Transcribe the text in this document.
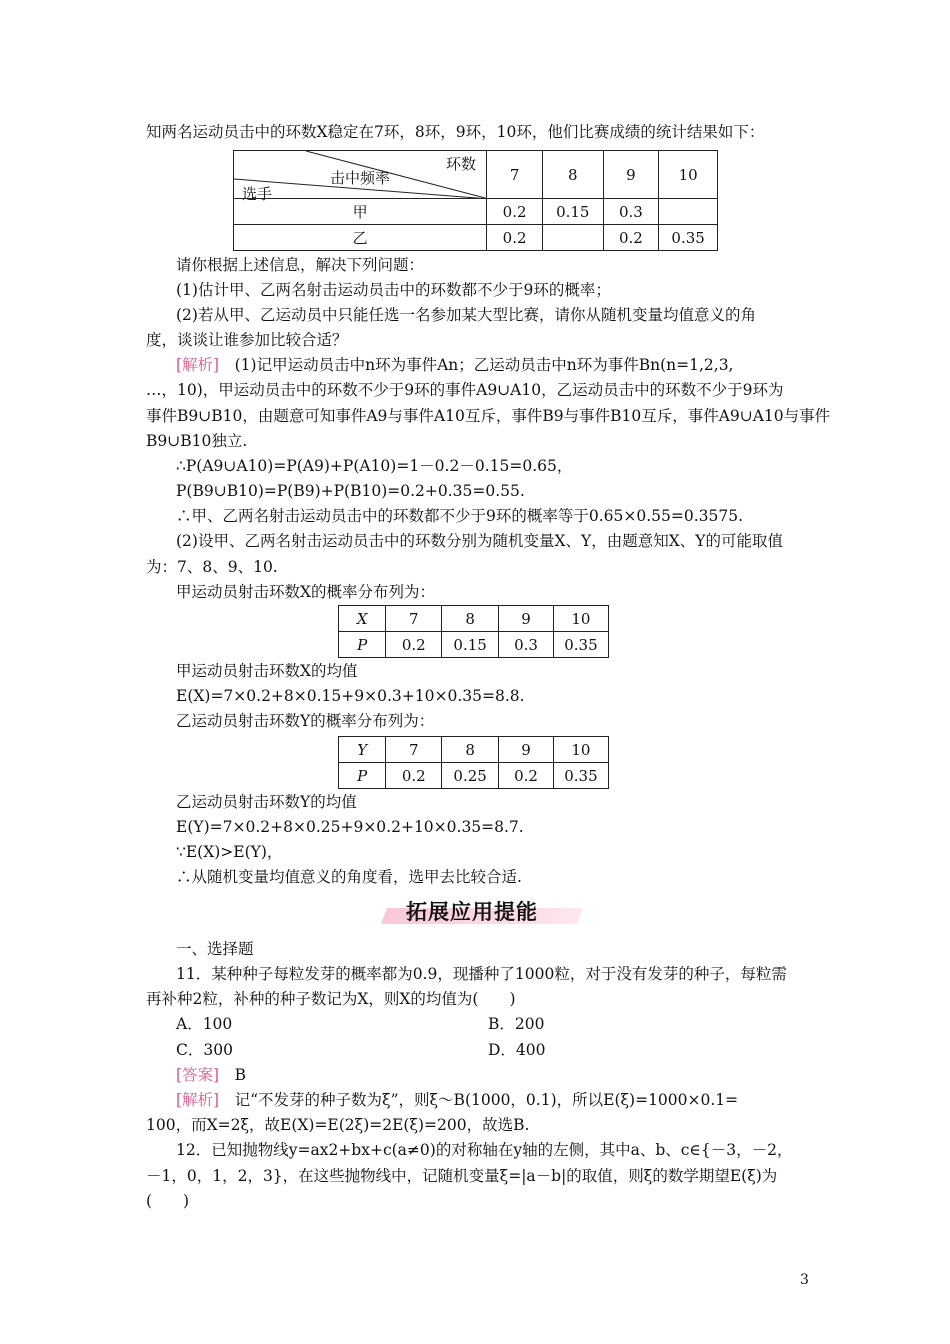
知两名运动员击中的环数X稳定在7环，8环，9环，10环，他们比赛成绩的统计结果如下：
环数
击中频率
选手	7	8	9	10
甲	0.2	0.15	0.3	
乙	0.2		0.2	0.35
请你根据上述信息，解决下列问题：
(1)估计甲、乙两名射击运动员击中的环数都不少于9环的概率；
(2)若从甲、乙运动员中只能任选一名参加某大型比赛，请你从随机变量均值意义的角
度，谈谈让谁参加比较合适？
[解析]　 (1)记甲运动员击中n环为事件An；乙运动员击中n环为事件Bn(n=1,2,3,
…，10)，甲运动员击中的环数不少于9环的事件A9∪A10，乙运动员击中的环数不少于9环为
事件B9∪B10，由题意可知事件A9与事件A10互斥，事件B9与事件B10互斥，事件A9∪A10与事件
B9∪B10独立.
∴P(A9∪A10)=P(A9)+P(A10)=1－0.2－0.15=0.65，
P(B9∪B10)=P(B9)+P(B10)=0.2+0.35=0.55.
∴甲、乙两名射击运动员击中的环数都不少于9环的概率等于0.65×0.55=0.3575.
(2)设甲、乙两名射击运动员击中的环数分别为随机变量X、Y，由题意知X、Y的可能取值
为：7、8、9、10.
甲运动员射击环数X的概率分布列为：
X	7	8	9	10
P	0.2	0.15	0.3	0.35
甲运动员射击环数X的均值
E(X)=7×0.2+8×0.15+9×0.3+10×0.35=8.8.
乙运动员射击环数Y的概率分布列为：
Y	7	8	9	10
P	0.2	0.25	0.2	0.35
乙运动员射击环数Y的均值
E(Y)=7×0.2+8×0.25+9×0.2+10×0.35=8.7.
∵E(X)>E(Y)，
∴从随机变量均值意义的角度看，选甲去比较合适.
拓展应用提能
一、选择题
11．某种种子每粒发芽的概率都为0.9，现播种了1000粒，对于没有发芽的种子，每粒需
再补种2粒，补种的种子数记为X，则X的均值为(　　)
A．100	B．200
C．300	D．400
[答案]　 B
[解析]　 记“不发芽的种子数为ξ”，则ξ～B(1000，0.1)，所以E(ξ)=1000×0.1=
100，而X=2ξ，故E(X)=E(2ξ)=2E(ξ)=200，故选B.
12．已知抛物线y=ax2+bx+c(a≠0)的对称轴在y轴的左侧，其中a、b、c∈{－3，－2，
－1，0，1，2，3}，在这些抛物线中，记随机变量ξ=|a－b|的取值，则ξ的数学期望E(ξ)为
(　　)
3
